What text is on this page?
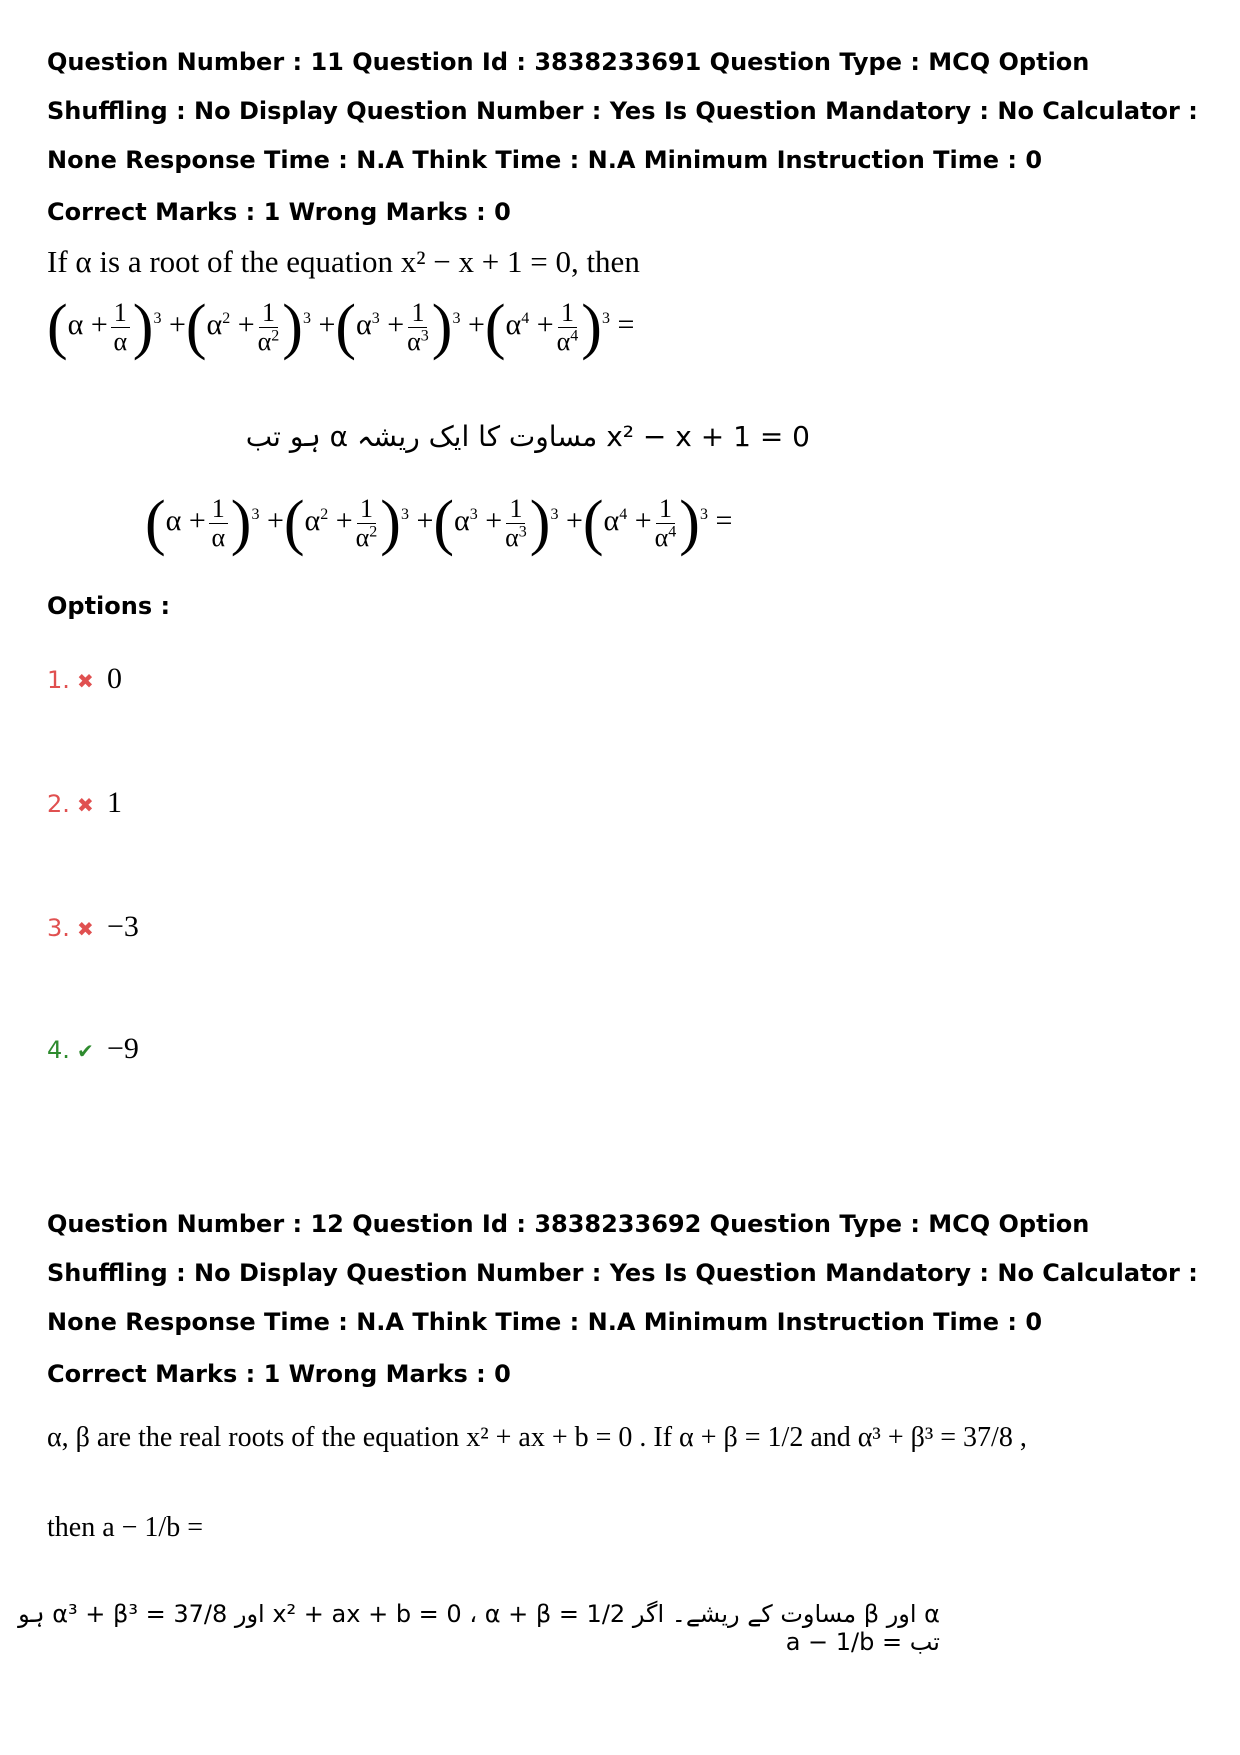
Question Number : 11 Question Id : 3838233691 Question Type : MCQ Option Shuffling : No Display Question Number : Yes Is Question Mandatory : No Calculator : None Response Time : N.A Think Time : N.A Minimum Instruction Time : 0
Correct Marks : 1 Wrong Marks : 0
If α is a root of the equation x² − x + 1 = 0, then
$(\alpha + \frac{1}{\alpha} )^3 +(\alpha^2 + \frac{1}{\alpha^2} )^3 +(\alpha^3 + \frac{1}{\alpha^3} )^3 +(\alpha^4 + \frac{1}{\alpha^4} )^3$ =
x² − x + 1 = 0 مساوت کا ایک ریشہ α ہو تب
$(\alpha + \frac{1}{\alpha} )^3 +(\alpha^2 + \frac{1}{\alpha^2} )^3 +(\alpha^3 + \frac{1}{\alpha^3} )^3 +(\alpha^4 + \frac{1}{\alpha^4} )^3$ =
Options :
1. ✖ 0
2. ✖ 1
3. ✖ −3
4. ✔ −9
Question Number : 12 Question Id : 3838233692 Question Type : MCQ Option Shuffling : No Display Question Number : Yes Is Question Mandatory : No Calculator : None Response Time : N.A Think Time : N.A Minimum Instruction Time : 0
Correct Marks : 1 Wrong Marks : 0
α, β are the real roots of the equation x² + ax + b = 0 . If α + β = 1/2 and α³ + β³ = 37/8 ,
then a − 1/b =
α اور β مساوت کے ریشے۔ اگر x² + ax + b = 0 ، α + β = 1/2 اور α³ + β³ = 37/8 ہو تب = a − 1/b
